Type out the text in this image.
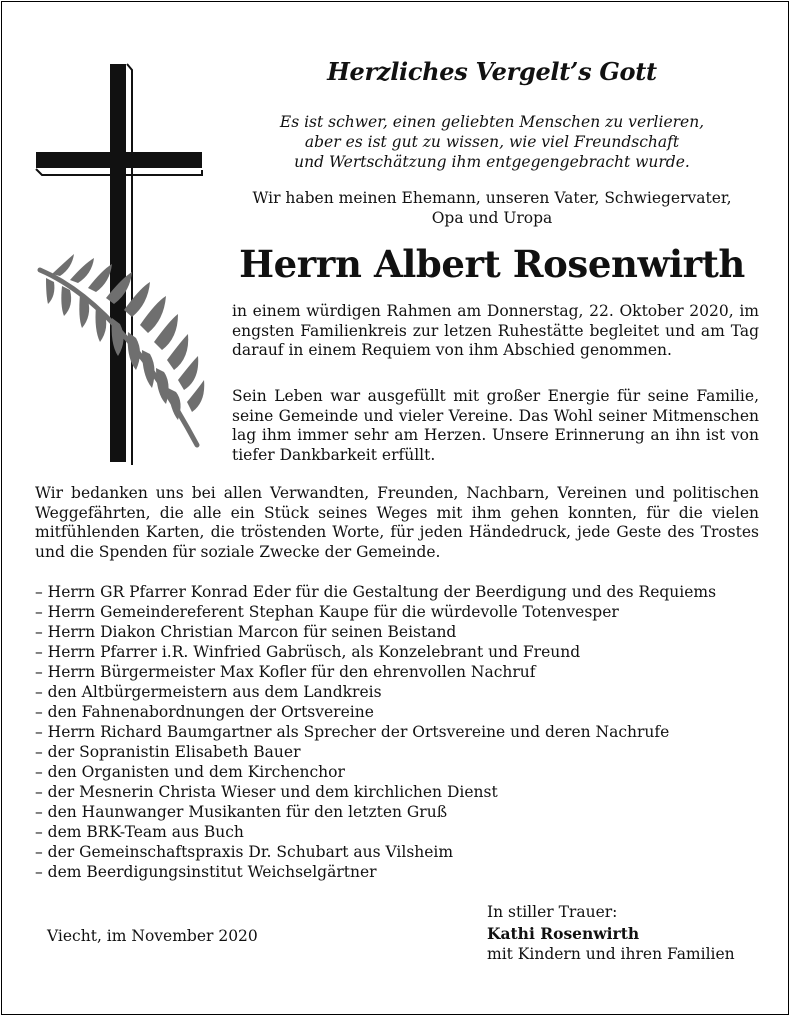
Herzliches Vergelt’s Gott
Es ist schwer, einen geliebten Menschen zu verlieren,
aber es ist gut zu wissen, wie viel Freundschaft
und Wertschätzung ihm entgegengebracht wurde.
Wir haben meinen Ehemann, unseren Vater, Schwiegervater,
Opa und Uropa
Herrn Albert Rosenwirth
in einem würdigen Rahmen am Donnerstag, 22. Oktober 2020, im engsten Familienkreis zur letzen Ruhestätte begleitet und am Tag darauf in einem Requiem von ihm Abschied genommen.
Sein Leben war ausgefüllt mit großer Energie für seine Familie, seine Gemeinde und vieler Vereine. Das Wohl seiner Mitmenschen lag ihm immer sehr am Herzen. Unsere Erinnerung an ihn ist von tiefer Dankbarkeit erfüllt.
Wir bedanken uns bei allen Verwandten, Freunden, Nachbarn, Vereinen und politischen Weggefährten, die alle ein Stück seines Weges mit ihm gehen konnten, für die vielen mitfühlenden Karten, die tröstenden Worte, für jeden Händedruck, jede Geste des Trostes und die Spenden für soziale Zwecke der Gemeinde.
– Herrn GR Pfarrer Konrad Eder für die Gestaltung der Beerdigung und des Requiems
– Herrn Gemeindereferent Stephan Kaupe für die würdevolle Totenvesper
– Herrn Diakon Christian Marcon für seinen Beistand
– Herrn Pfarrer i.R. Winfried Gabrüsch, als Konzelebrant und Freund
– Herrn Bürgermeister Max Kofler für den ehrenvollen Nachruf
– den Altbürgermeistern aus dem Landkreis
– den Fahnenabordnungen der Ortsvereine
– Herrn Richard Baumgartner als Sprecher der Ortsvereine und deren Nachrufe
– der Sopranistin Elisabeth Bauer
– den Organisten und dem Kirchenchor
– der Mesnerin Christa Wieser und dem kirchlichen Dienst
– den Haunwanger Musikanten für den letzten Gruß
– dem BRK-Team aus Buch
– der Gemeinschaftspraxis Dr. Schubart aus Vilsheim
– dem Beerdigungsinstitut Weichselgärtner
Viecht, im November 2020
In stiller Trauer:
Kathi Rosenwirth
mit Kindern und ihren Familien
